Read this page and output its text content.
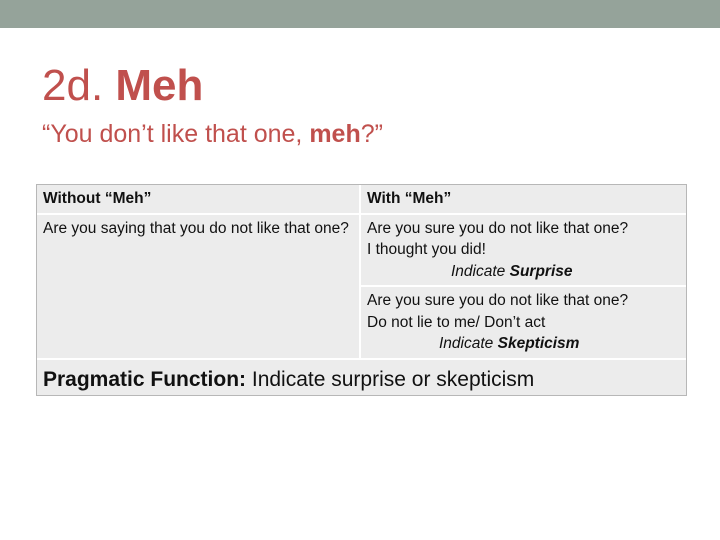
2d. Meh
“You don’t like that one, meh?”
Without “Meh”	With “Meh”
Are you saying that you do not like that one?	Are you sure you do not like that one?
I thought you did!
Indicate Surprise
Are you sure you do not like that one?
Do not lie to me/ Don’t act
Indicate Skepticism
Pragmatic Function: Indicate surprise or skepticism
